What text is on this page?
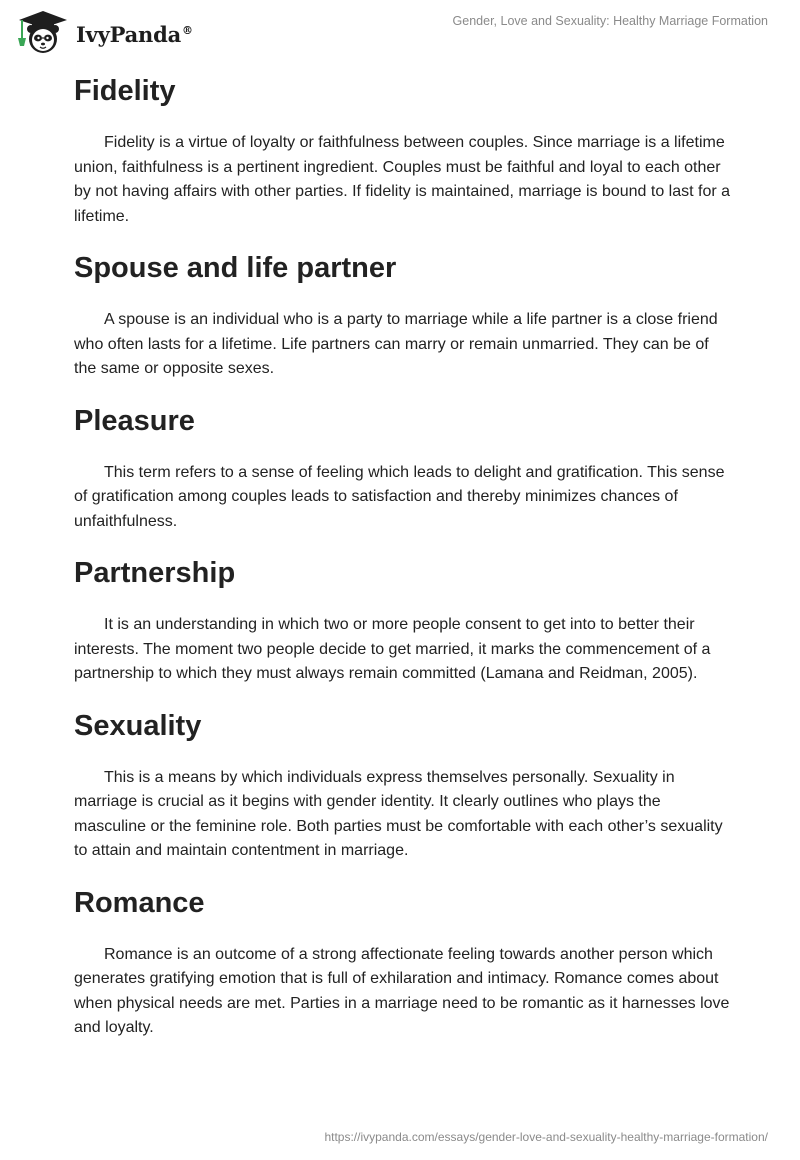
IvyPanda®
Gender, Love and Sexuality: Healthy Marriage Formation
Fidelity

Fidelity is a virtue of loyalty or faithfulness between couples. Since marriage is a lifetime union, faithfulness is a pertinent ingredient. Couples must be faithful and loyal to each other by not having affairs with other parties. If fidelity is maintained, marriage is bound to last for a lifetime.

Spouse and life partner

A spouse is an individual who is a party to marriage while a life partner is a close friend who often lasts for a lifetime. Life partners can marry or remain unmarried. They can be of the same or opposite sexes.

Pleasure

This term refers to a sense of feeling which leads to delight and gratification. This sense of gratification among couples leads to satisfaction and thereby minimizes chances of unfaithfulness.

Partnership

It is an understanding in which two or more people consent to get into to better their interests. The moment two people decide to get married, it marks the commencement of a partnership to which they must always remain committed (Lamana and Reidman, 2005).

Sexuality

This is a means by which individuals express themselves personally. Sexuality in marriage is crucial as it begins with gender identity. It clearly outlines who plays the masculine or the feminine role. Both parties must be comfortable with each other’s sexuality to attain and maintain contentment in marriage.

Romance

Romance is an outcome of a strong affectionate feeling towards another person which generates gratifying emotion that is full of exhilaration and intimacy. Romance comes about when physical needs are met. Parties in a marriage need to be romantic as it harnesses love and loyalty.

https://ivypanda.com/essays/gender-love-and-sexuality-healthy-marriage-formation/
